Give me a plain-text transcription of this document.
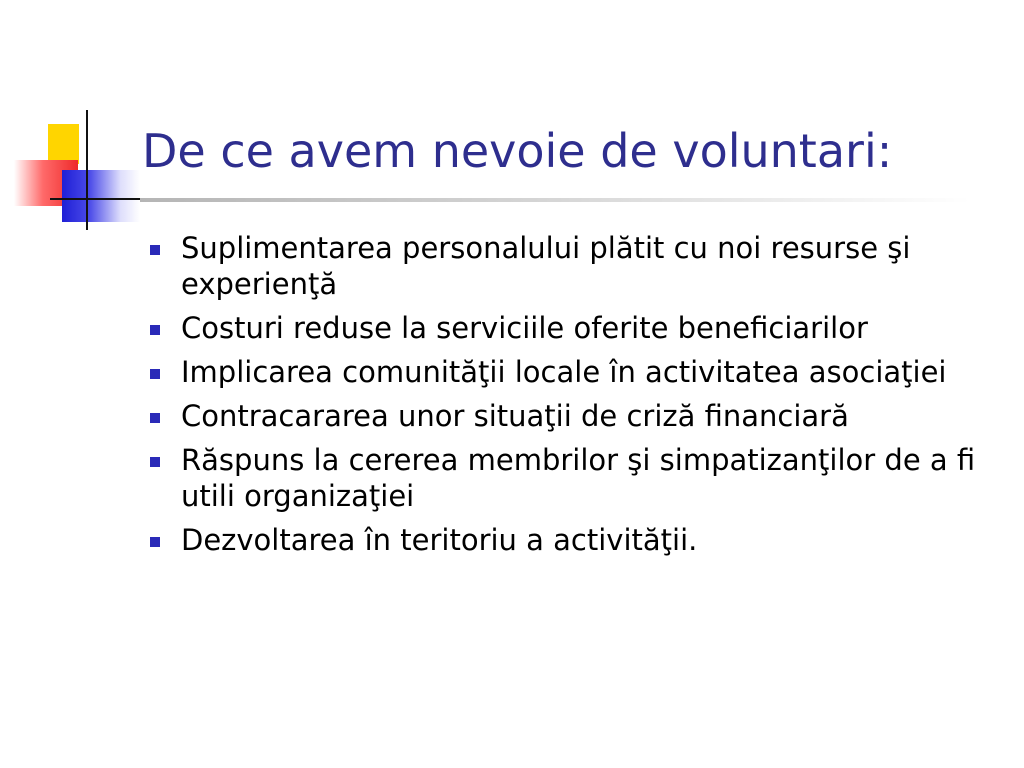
De ce avem nevoie de voluntari:
Suplimentarea personalului plătit cu noi resurse şi experienţă
Costuri reduse la serviciile oferite beneficiarilor
Implicarea comunităţii locale în activitatea asociaţiei
Contracararea unor situaţii de criză financiară
Răspuns la cererea membrilor şi simpatizanţilor de a fi utili organizaţiei
Dezvoltarea în teritoriu a activităţii.
